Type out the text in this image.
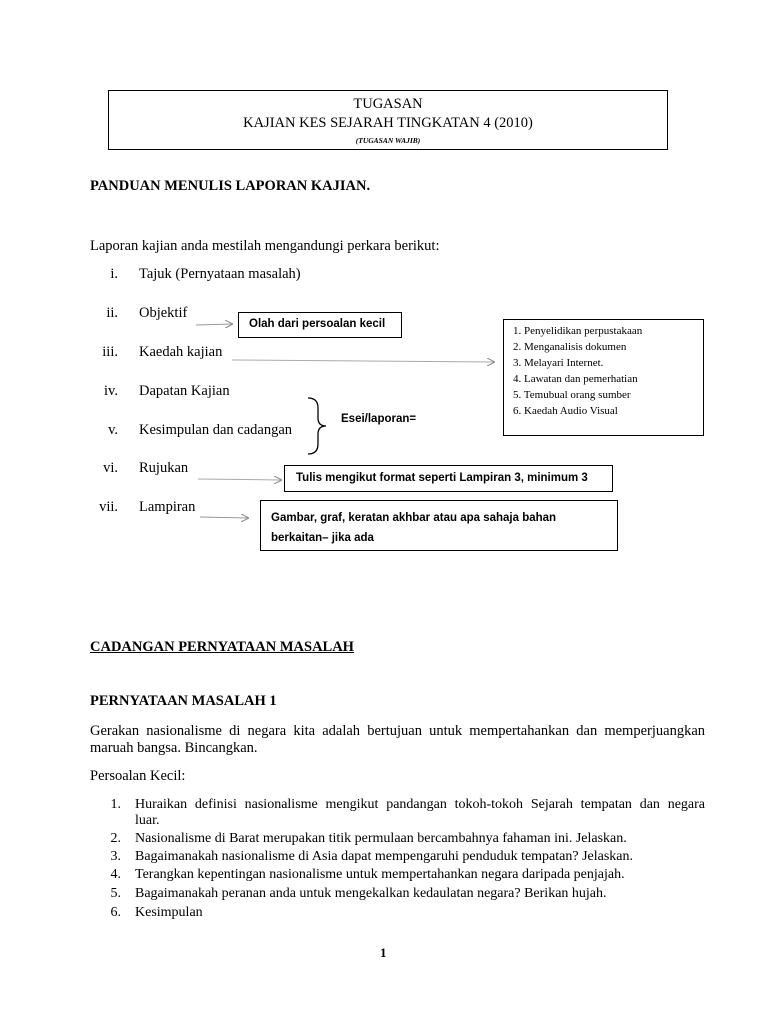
TUGASAN
KAJIAN KES SEJARAH TINGKATAN 4 (2010)
(TUGASAN WAJIB)
PANDUAN MENULIS LAPORAN KAJIAN.
Laporan kajian anda mestilah mengandungi perkara berikut:
i. Tajuk (Pernyataan masalah)
ii. Objektif
iii. Kaedah kajian
iv. Dapatan Kajian
v. Kesimpulan dan cadangan
vi. Rujukan
vii. Lampiran
Olah dari persoalan kecil
1. Penyelidikan perpustakaan
2. Menganalisis dokumen
3. Melayari Internet.
4. Lawatan dan pemerhatian
5. Temubual orang sumber
6. Kaedah Audio Visual
Esei/laporan=
Tulis mengikut format seperti Lampiran 3, minimum 3
Gambar, graf, keratan akhbar atau apa sahaja bahan
berkaitan– jika ada
CADANGAN PERNYATAAN MASALAH
PERNYATAAN MASALAH 1
Gerakan nasionalisme di negara kita adalah bertujuan untuk mempertahankan dan memperjuangkan
maruah bangsa. Bincangkan.
Persoalan Kecil:
1. Huraikan definisi nasionalisme mengikut pandangan tokoh-tokoh Sejarah tempatan dan negara
luar.
2. Nasionalisme di Barat merupakan titik permulaan bercambahnya fahaman ini. Jelaskan.
3. Bagaimanakah nasionalisme di Asia dapat mempengaruhi penduduk tempatan? Jelaskan.
4. Terangkan kepentingan nasionalisme untuk mempertahankan negara daripada penjajah.
5. Bagaimanakah peranan anda untuk mengekalkan kedaulatan negara? Berikan hujah.
6. Kesimpulan
1
